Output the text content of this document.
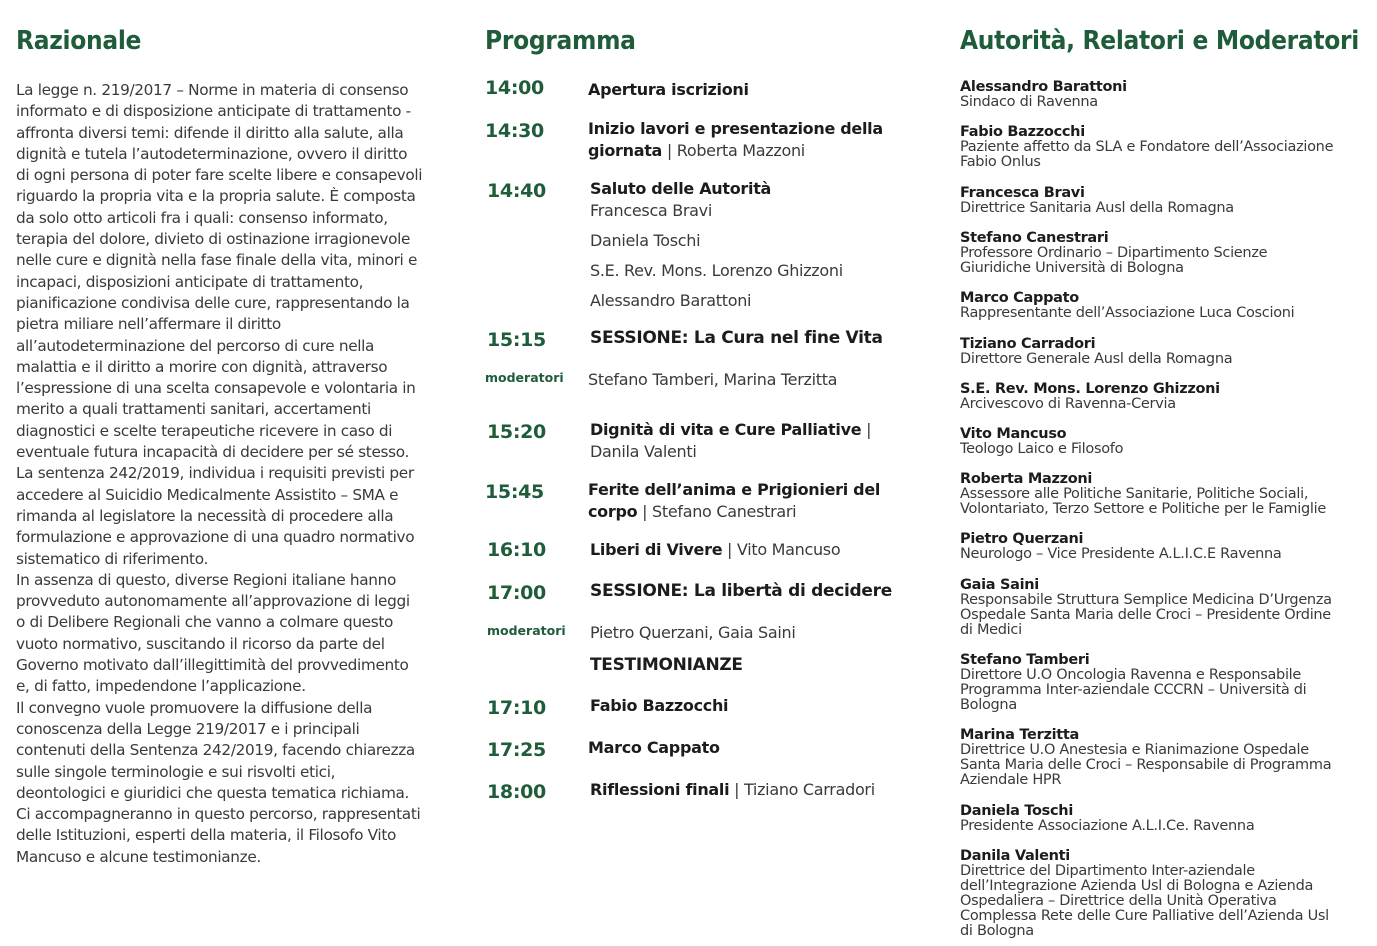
Razionale
La legge n. 219/2017 – Norme in materia di consenso
informato e di disposizione anticipate di trattamento -
affronta diversi temi: difende il diritto alla salute, alla
dignità e tutela l’autodeterminazione, ovvero il diritto
di ogni persona di poter fare scelte libere e consapevoli
riguardo la propria vita e la propria salute. È composta
da solo otto articoli fra i quali: consenso informato,
terapia del dolore, divieto di ostinazione irragionevole
nelle cure e dignità nella fase finale della vita, minori e
incapaci, disposizioni anticipate di trattamento,
pianificazione condivisa delle cure, rappresentando la
pietra miliare nell’affermare il diritto
all’autodeterminazione del percorso di cure nella
malattia e il diritto a morire con dignità, attraverso
l’espressione di una scelta consapevole e volontaria in
merito a quali trattamenti sanitari, accertamenti
diagnostici e scelte terapeutiche ricevere in caso di
eventuale futura incapacità di decidere per sé stesso.
La sentenza 242/2019, individua i requisiti previsti per
accedere al Suicidio Medicalmente Assistito – SMA e
rimanda al legislatore la necessità di procedere alla
formulazione e approvazione di una quadro normativo
sistematico di riferimento.
In assenza di questo, diverse Regioni italiane hanno
provveduto autonomamente all’approvazione di leggi
o di Delibere Regionali che vanno a colmare questo
vuoto normativo, suscitando il ricorso da parte del
Governo motivato dall’illegittimità del provvedimento
e, di fatto, impedendone l’applicazione.
Il convegno vuole promuovere la diffusione della
conoscenza della Legge 219/2017 e i principali
contenuti della Sentenza 242/2019, facendo chiarezza
sulle singole terminologie e sui risvolti etici,
deontologici e giuridici che questa tematica richiama.
Ci accompagneranno in questo percorso, rappresentati
delle Istituzioni, esperti della materia, il Filosofo Vito
Mancuso e alcune testimonianze.
Programma
14:00	Apertura iscrizioni
14:30	Inizio lavori e presentazione della giornata | Roberta Mazzoni
14:40	Saluto delle Autorità
Francesca Bravi
Daniela Toschi
S.E. Rev. Mons. Lorenzo Ghizzoni
Alessandro Barattoni
15:15	SESSIONE: La Cura nel fine Vita
moderatori Stefano Tamberi, Marina Terzitta
15:20	Dignità di vita e Cure Palliative | Danila Valenti
15:45	Ferite dell’anima e Prigionieri del corpo | Stefano Canestrari
16:10	Liberi di Vivere | Vito Mancuso
17:00	SESSIONE: La libertà di decidere
moderatori Pietro Querzani, Gaia Saini
TESTIMONIANZE
17:10	Fabio Bazzocchi
17:25	Marco Cappato
18:00	Riflessioni finali | Tiziano Carradori
Autorità, Relatori e Moderatori
Alessandro Barattoni
Sindaco di Ravenna
Fabio Bazzocchi
Paziente affetto da SLA e Fondatore dell’Associazione
Fabio Onlus
Francesca Bravi
Direttrice Sanitaria Ausl della Romagna
Stefano Canestrari
Professore Ordinario – Dipartimento Scienze
Giuridiche Università di Bologna
Marco Cappato
Rappresentante dell’Associazione Luca Coscioni
Tiziano Carradori
Direttore Generale Ausl della Romagna
S.E. Rev. Mons. Lorenzo Ghizzoni
Arcivescovo di Ravenna-Cervia
Vito Mancuso
Teologo Laico e Filosofo
Roberta Mazzoni
Assessore alle Politiche Sanitarie, Politiche Sociali,
Volontariato, Terzo Settore e Politiche per le Famiglie
Pietro Querzani
Neurologo – Vice Presidente A.L.I.C.E Ravenna
Gaia Saini
Responsabile Struttura Semplice Medicina D’Urgenza
Ospedale Santa Maria delle Croci – Presidente Ordine
di Medici
Stefano Tamberi
Direttore U.O Oncologia Ravenna e Responsabile
Programma Inter-aziendale CCCRN – Università di
Bologna
Marina Terzitta
Direttrice U.O Anestesia e Rianimazione Ospedale
Santa Maria delle Croci – Responsabile di Programma
Aziendale HPR
Daniela Toschi
Presidente Associazione A.L.I.Ce. Ravenna
Danila Valenti
Direttrice del Dipartimento Inter-aziendale
dell’Integrazione Azienda Usl di Bologna e Azienda
Ospedaliera – Direttrice della Unità Operativa
Complessa Rete delle Cure Palliative dell’Azienda Usl
di Bologna
